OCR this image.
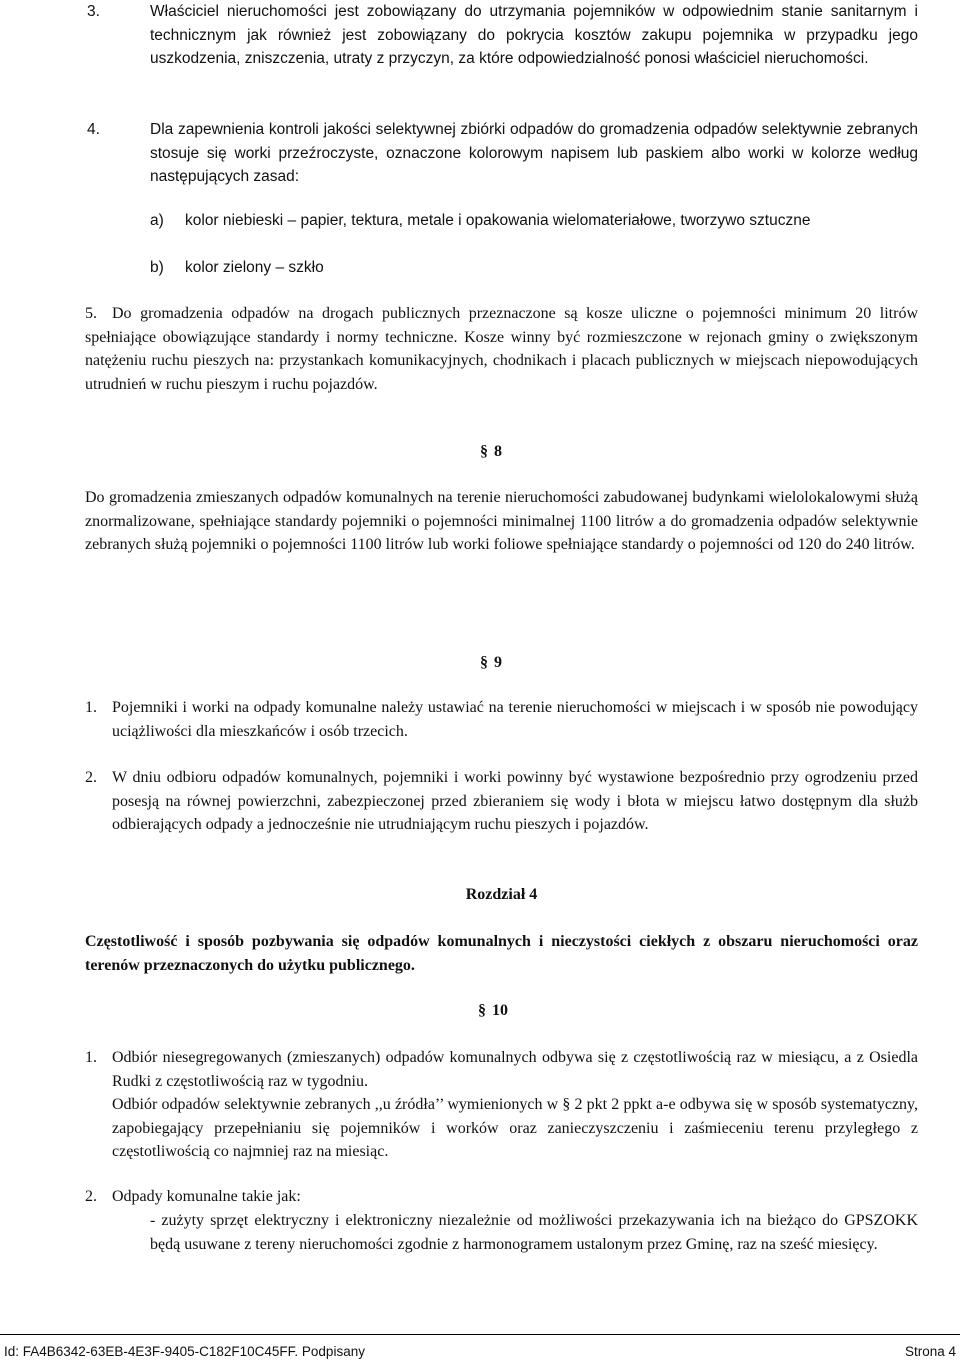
3.	Właściciel nieruchomości jest zobowiązany do utrzymania pojemników w odpowiednim stanie sanitarnym i technicznym jak również jest zobowiązany do pokrycia kosztów zakupu pojemnika w przypadku jego uszkodzenia, zniszczenia, utraty z przyczyn, za które odpowiedzialność ponosi właściciel nieruchomości.
4.	Dla zapewnienia kontroli jakości selektywnej zbiórki odpadów do gromadzenia odpadów selektywnie zebranych stosuje się worki przeźroczyste, oznaczone kolorowym napisem lub paskiem albo worki w kolorze według następujących zasad:
a) kolor niebieski – papier, tektura, metale i opakowania wielomateriałowe, tworzywo sztuczne
b) kolor zielony – szkło
5. Do gromadzenia odpadów na drogach publicznych przeznaczone są kosze uliczne o pojemności minimum 20 litrów spełniające obowiązujące standardy i normy techniczne. Kosze winny być rozmieszczone w rejonach gminy o zwiększonym natężeniu ruchu pieszych na: przystankach komunikacyjnych, chodnikach i placach publicznych w miejscach niepowodujących utrudnień w ruchu pieszym i ruchu pojazdów.
§ 8
Do gromadzenia zmieszanych odpadów komunalnych na terenie nieruchomości zabudowanej budynkami wielolokalowymi służą znormalizowane, spełniające standardy pojemniki o pojemności minimalnej 1100 litrów a do gromadzenia odpadów selektywnie zebranych służą pojemniki o pojemności 1100 litrów lub worki foliowe spełniające standardy o pojemności od 120 do 240 litrów.
§ 9
1. Pojemniki i worki na odpady komunalne należy ustawiać na terenie nieruchomości w miejscach i w sposób nie powodujący uciążliwości dla mieszkańców i osób trzecich.
2. W dniu odbioru odpadów komunalnych, pojemniki i worki powinny być wystawione bezpośrednio przy ogrodzeniu przed posesją na równej powierzchni, zabezpieczonej przed zbieraniem się wody i błota w miejscu łatwo dostępnym dla służb odbierających odpady a jednocześnie nie utrudniającym ruchu pieszych i pojazdów.
Rozdział 4
Częstotliwość i sposób pozbywania się odpadów komunalnych i nieczystości ciekłych z obszaru nieruchomości oraz terenów przeznaczonych do użytku publicznego.
§ 10
1. Odbiór niesegregowanych (zmieszanych) odpadów komunalnych odbywa się z częstotliwością raz w miesiącu, a z Osiedla Rudki z częstotliwością raz w tygodniu.
Odbiór odpadów selektywnie zebranych ,,u źródła’’ wymienionych w § 2 pkt 2 ppkt a-e odbywa się w sposób systematyczny, zapobiegający przepełnianiu się pojemników i worków oraz zanieczyszczeniu i zaśmieceniu terenu przyległego z częstotliwością co najmniej raz na miesiąc.
2. Odpady komunalne takie jak:
- zużyty sprzęt elektryczny i elektroniczny niezależnie od możliwości przekazywania ich na bieżąco do GPSZOKK będą usuwane z tereny nieruchomości zgodnie z harmonogramem ustalonym przez Gminę, raz na sześć miesięcy.
Id: FA4B6342-63EB-4E3F-9405-C182F10C45FF. Podpisany	Strona 4
